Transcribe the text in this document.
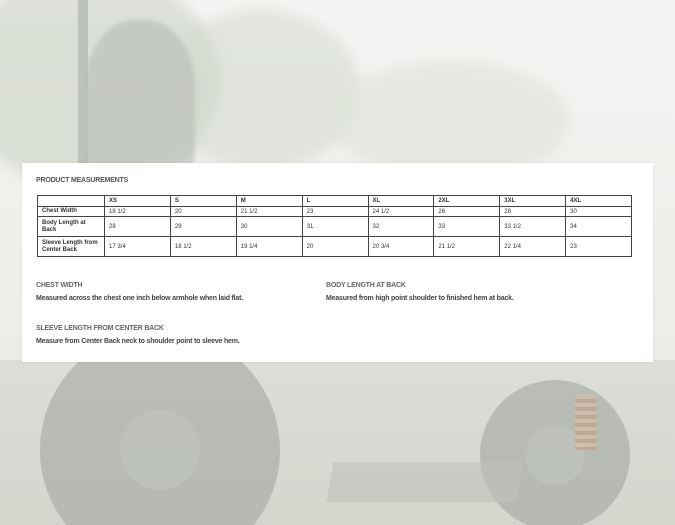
PRODUCT MEASUREMENTS
	XS	S	M	L	XL	2XL	3XL	4XL
Chest Width	18 1/2	20	21 1/2	23	24 1/2	26	28	30
Body Length at Back	28	29	30	31	32	33	33 1/2	34
Sleeve Length from Center Back	17 3/4	18 1/2	19 1/4	20	20 3/4	21 1/2	22 1/4	23
CHEST WIDTH
Measured across the chest one inch below armhole when laid flat.
BODY LENGTH AT BACK
Measured from high point shoulder to finished hem at back.
SLEEVE LENGTH FROM CENTER BACK
Measure from Center Back neck to shoulder point to sleeve hem.
